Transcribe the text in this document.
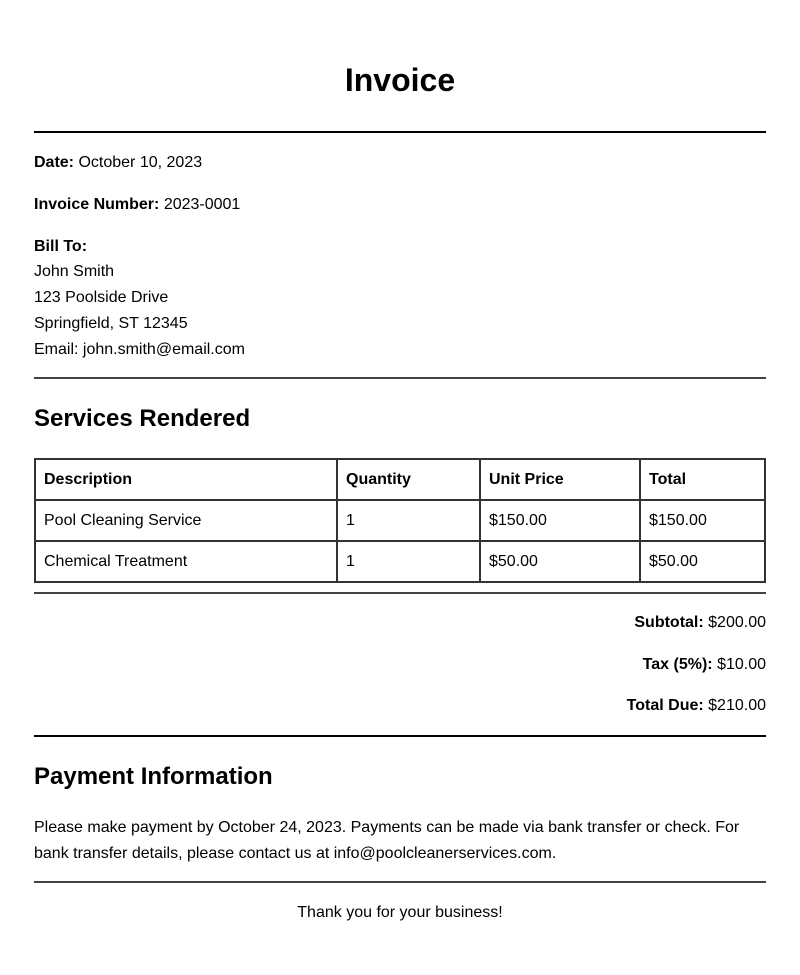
Invoice

Date: October 10, 2023

Invoice Number: 2023-0001

Bill To:

John Smith

123 Poolside Drive

Springfield, ST 12345

Email: john.smith@email.com

Services Rendered
Description	Quantity	Unit Price	Total
Pool Cleaning Service	1	$150.00	$150.00
Chemical Treatment	1	$50.00	$50.00

Subtotal: $200.00

Tax (5%): $10.00

Total Due: $210.00

Payment Information

Please make payment by October 24, 2023. Payments can be made via bank transfer or check. For bank transfer details, please contact us at info@poolcleanerservices.com.

Thank you for your business!
